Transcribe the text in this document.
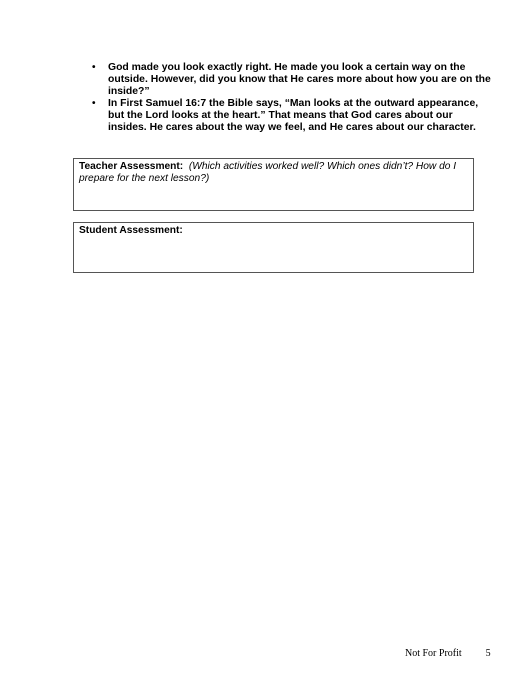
• God made you look exactly right. He made you look a certain way on the outside. However, did you know that He cares more about how you are on the inside?”
• In First Samuel 16:7 the Bible says, “Man looks at the outward appearance, but the Lord looks at the heart.” That means that God cares about our insides. He cares about the way we feel, and He cares about our character.
Teacher Assessment: (Which activities worked well? Which ones didn’t? How do I prepare for the next lesson?)
Student Assessment:
Not For Profit 5
